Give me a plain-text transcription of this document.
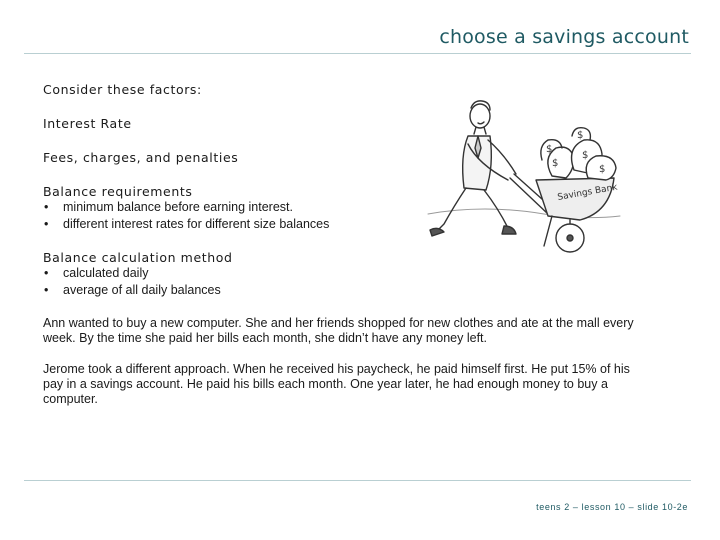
choose a savings account
Consider these factors:
Interest Rate
Fees, charges, and penalties
Balance requirements
• minimum balance before earning interest.
• different interest rates for different size balances
Balance calculation method
• calculated daily
• average of all daily balances

Ann wanted to buy a new computer. She and her friends shopped for new clothes and ate at the mall every week. By the time she paid her bills each month, she didn’t have any money left.

Jerome took a different approach. When he received his paycheck, he paid himself first. He put 15% of his pay in a savings account. He paid his bills each month. One year later, he had enough money to buy a computer.

$
$
$
$
$
Savings Bank
teens 2 – lesson 10 – slide 10-2e
